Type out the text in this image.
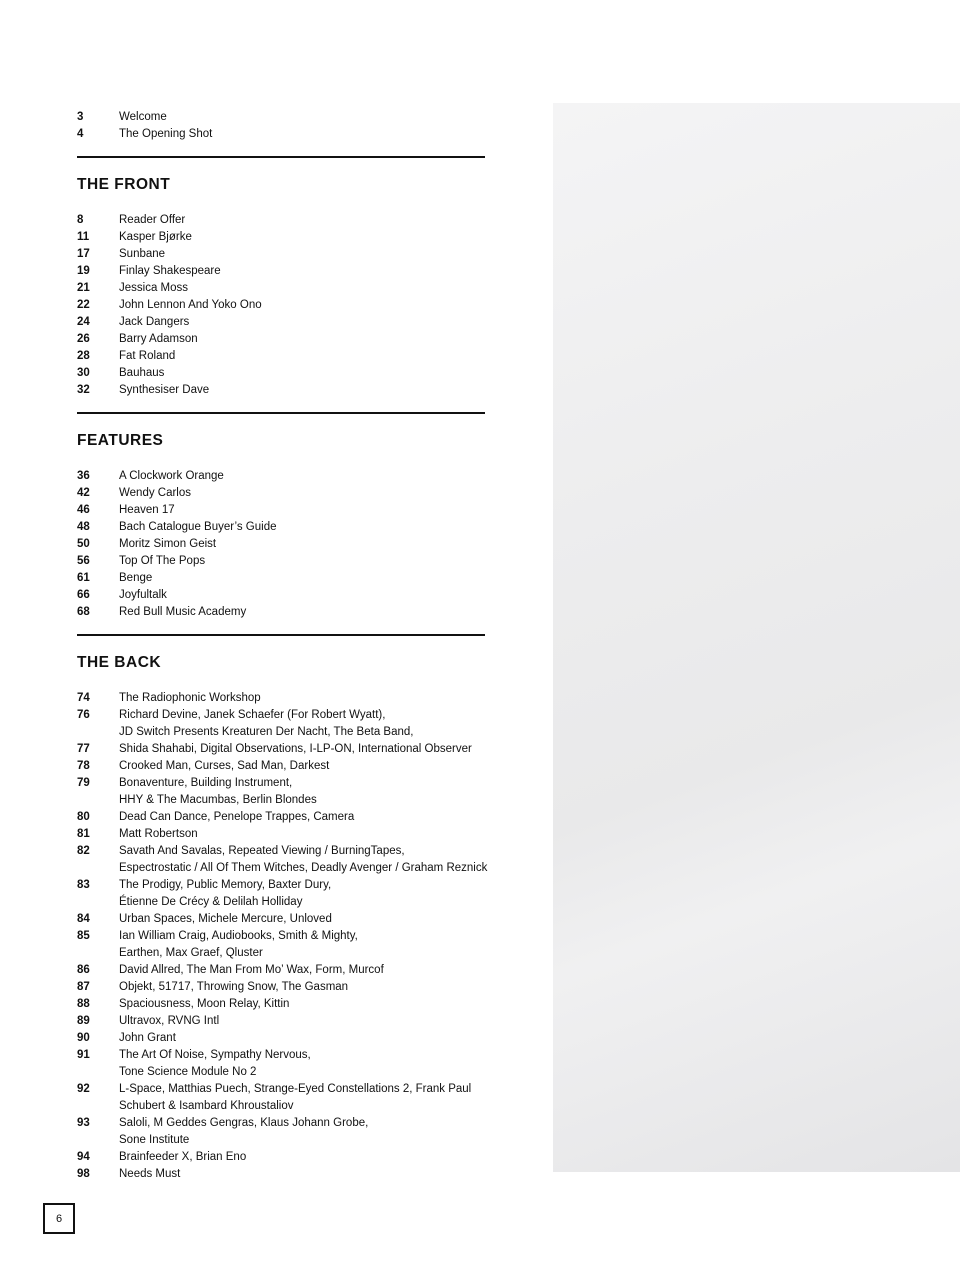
3	Welcome
4	The Opening Shot
THE FRONT
8	Reader Offer
11	Kasper Bjørke
17	Sunbane
19	Finlay Shakespeare
21	Jessica Moss
22	John Lennon And Yoko Ono
24	Jack Dangers
26	Barry Adamson
28	Fat Roland
30	Bauhaus
32	Synthesiser Dave
FEATURES
36	A Clockwork Orange
42	Wendy Carlos
46	Heaven 17
48	Bach Catalogue Buyer’s Guide
50	Moritz Simon Geist
56	Top Of The Pops
61	Benge
66	Joyfultalk
68	Red Bull Music Academy
THE BACK
74	The Radiophonic Workshop
76	Richard Devine, Janek Schaefer (For Robert Wyatt),
JD Switch Presents Kreaturen Der Nacht, The Beta Band,
77	Shida Shahabi, Digital Observations, I-LP-ON, International Observer
78	Crooked Man, Curses, Sad Man, Darkest
79	Bonaventure, Building Instrument,
HHY & The Macumbas, Berlin Blondes
80	Dead Can Dance, Penelope Trappes, Camera
81	Matt Robertson
82	Savath And Savalas, Repeated Viewing / BurningTapes,
Espectrostatic / All Of Them Witches, Deadly Avenger / Graham Reznick
83	The Prodigy, Public Memory, Baxter Dury,
Étienne De Crécy & Delilah Holliday
84	Urban Spaces, Michele Mercure, Unloved
85	Ian William Craig, Audiobooks, Smith & Mighty,
Earthen, Max Graef, Qluster
86	David Allred, The Man From Mo’ Wax, Form, Murcof
87	Objekt, 51717, Throwing Snow, The Gasman
88	Spaciousness, Moon Relay, Kittin
89	Ultravox, RVNG Intl
90	John Grant
91	The Art Of Noise, Sympathy Nervous,
Tone Science Module No 2
92	L-Space, Matthias Puech, Strange-Eyed Constellations 2, Frank Paul
Schubert & Isambard Khroustaliov
93	Saloli, M Geddes Gengras, Klaus Johann Grobe,
Sone Institute
94	Brainfeeder X, Brian Eno
98	Needs Must
6
